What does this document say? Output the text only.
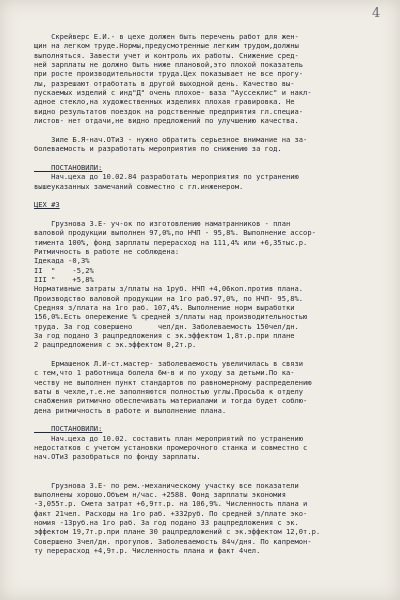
4
Скрейверс Е.И.- в цехе должен быть перечень работ для жен-
щин на легком труде.Нормы,предусмотренные легким трудом,должны
выполняться. Завести учет и контроль их работы. Снижение сред-
ней зарплаты не должно быть ниже плановой,это плохой показатель
при росте производительности труда.Цех показывает не все прогу-
лы, разрешают отработать в другой выходной день. Качество вы-
пускаемых изделий с инд"Д" очень плохое- ваза "Ауссеклис" и накл-
адное стекло,на художественных изделиях плохая гравировка. Не
видно результатов поездок на родственные предприятия гл.специа-
листов- нет отдачи,не видно предложений по улучшению качества.
Зиле Б.Я-нач.ОТиЗ - нужно обратить серьезное внимание на за-
болеваемость и разработать мероприятия по снижению за год.
ПОСТАНОВИЛИ:
Нач.цеха до 10.02.84 разработать мероприятия по устранению
вышеуказанных замечаний совместно с гл.инженером.
ЦЕХ #3
Грузнова З.Е- уч-ок по изготовлению наматранников - план
валовой продукции выполнен 97,0%,по НЧП - 95,8%. Выполнение ассор-
тимента 100%, фонд зарплаты перерасход на 111,4% или +6,35тыс.р.
Ритмичность в работе не соблюдена:
Iдекада -0,3%
II  "    -5,2%
III "    +5,8%
Нормативные затраты з/платы на 1руб. НЧП +4,06коп.против плана.
Производство валовой продукции на 1го раб.97,0%, по НЧП- 95,8%.
Средняя з/плата на 1го раб. 107,4%. Выполнение норм выработки
156,0%.Есть опережение % средней з/платы над производительностью
труда. За год совершено      чел/дн. Заболеваемость 150чел/дн.
За год подано 3 рацпредложения с эк.эффектом 1,8т.р.при плане
2 рацпредложения с эк.эффектом 0,2т.р.
Ермашенок Л.И-ст.мастер- заболеваемость увеличилась в связи
с тем,что 1 работница болела 6м-в и по уходу за детьми.По ка-
честву не выполнен пункт стандартов по равномерному распределению
ваты в чехле,т.е.не заполняются полностью углы.Просьба к отделу
снабжения ритмично обеспечивать материалами и тогда будет соблю-
дена ритмичность в работе и выполнение плана.
ПОСТАНОВИЛИ:
Нач.цеха до 10.02. составить план мероприятий по устранению
недостатков с учетом установки промерочного станка и совместно с
нач.ОТиЗ разобраться по фонду зарплаты.
Грузнова З.Е- по рем.-механическому участку все показатели
выполнены хорошо.Объем н/час. +2588. Фонд зарплаты экономия
-3,055т.р. Смета затрат +6,9тт.р. на 106,9%. Численность плана и
факт 21чел. Расходы на 1го раб. +332руб. По средней з/плате эко-
номия -13руб.на 1го раб. За год подано 33 рацпредложения с эк.
эффектом 19,7т.р.при плане 30 рацпредложений с эк.эффектом 12,0т.р.
Совершено 3чел/дн. прогулов. Заболеваемость 84ч/дня. По капремон-
ту перерасход +4,9т.р. Численность плана и факт 4чел.
